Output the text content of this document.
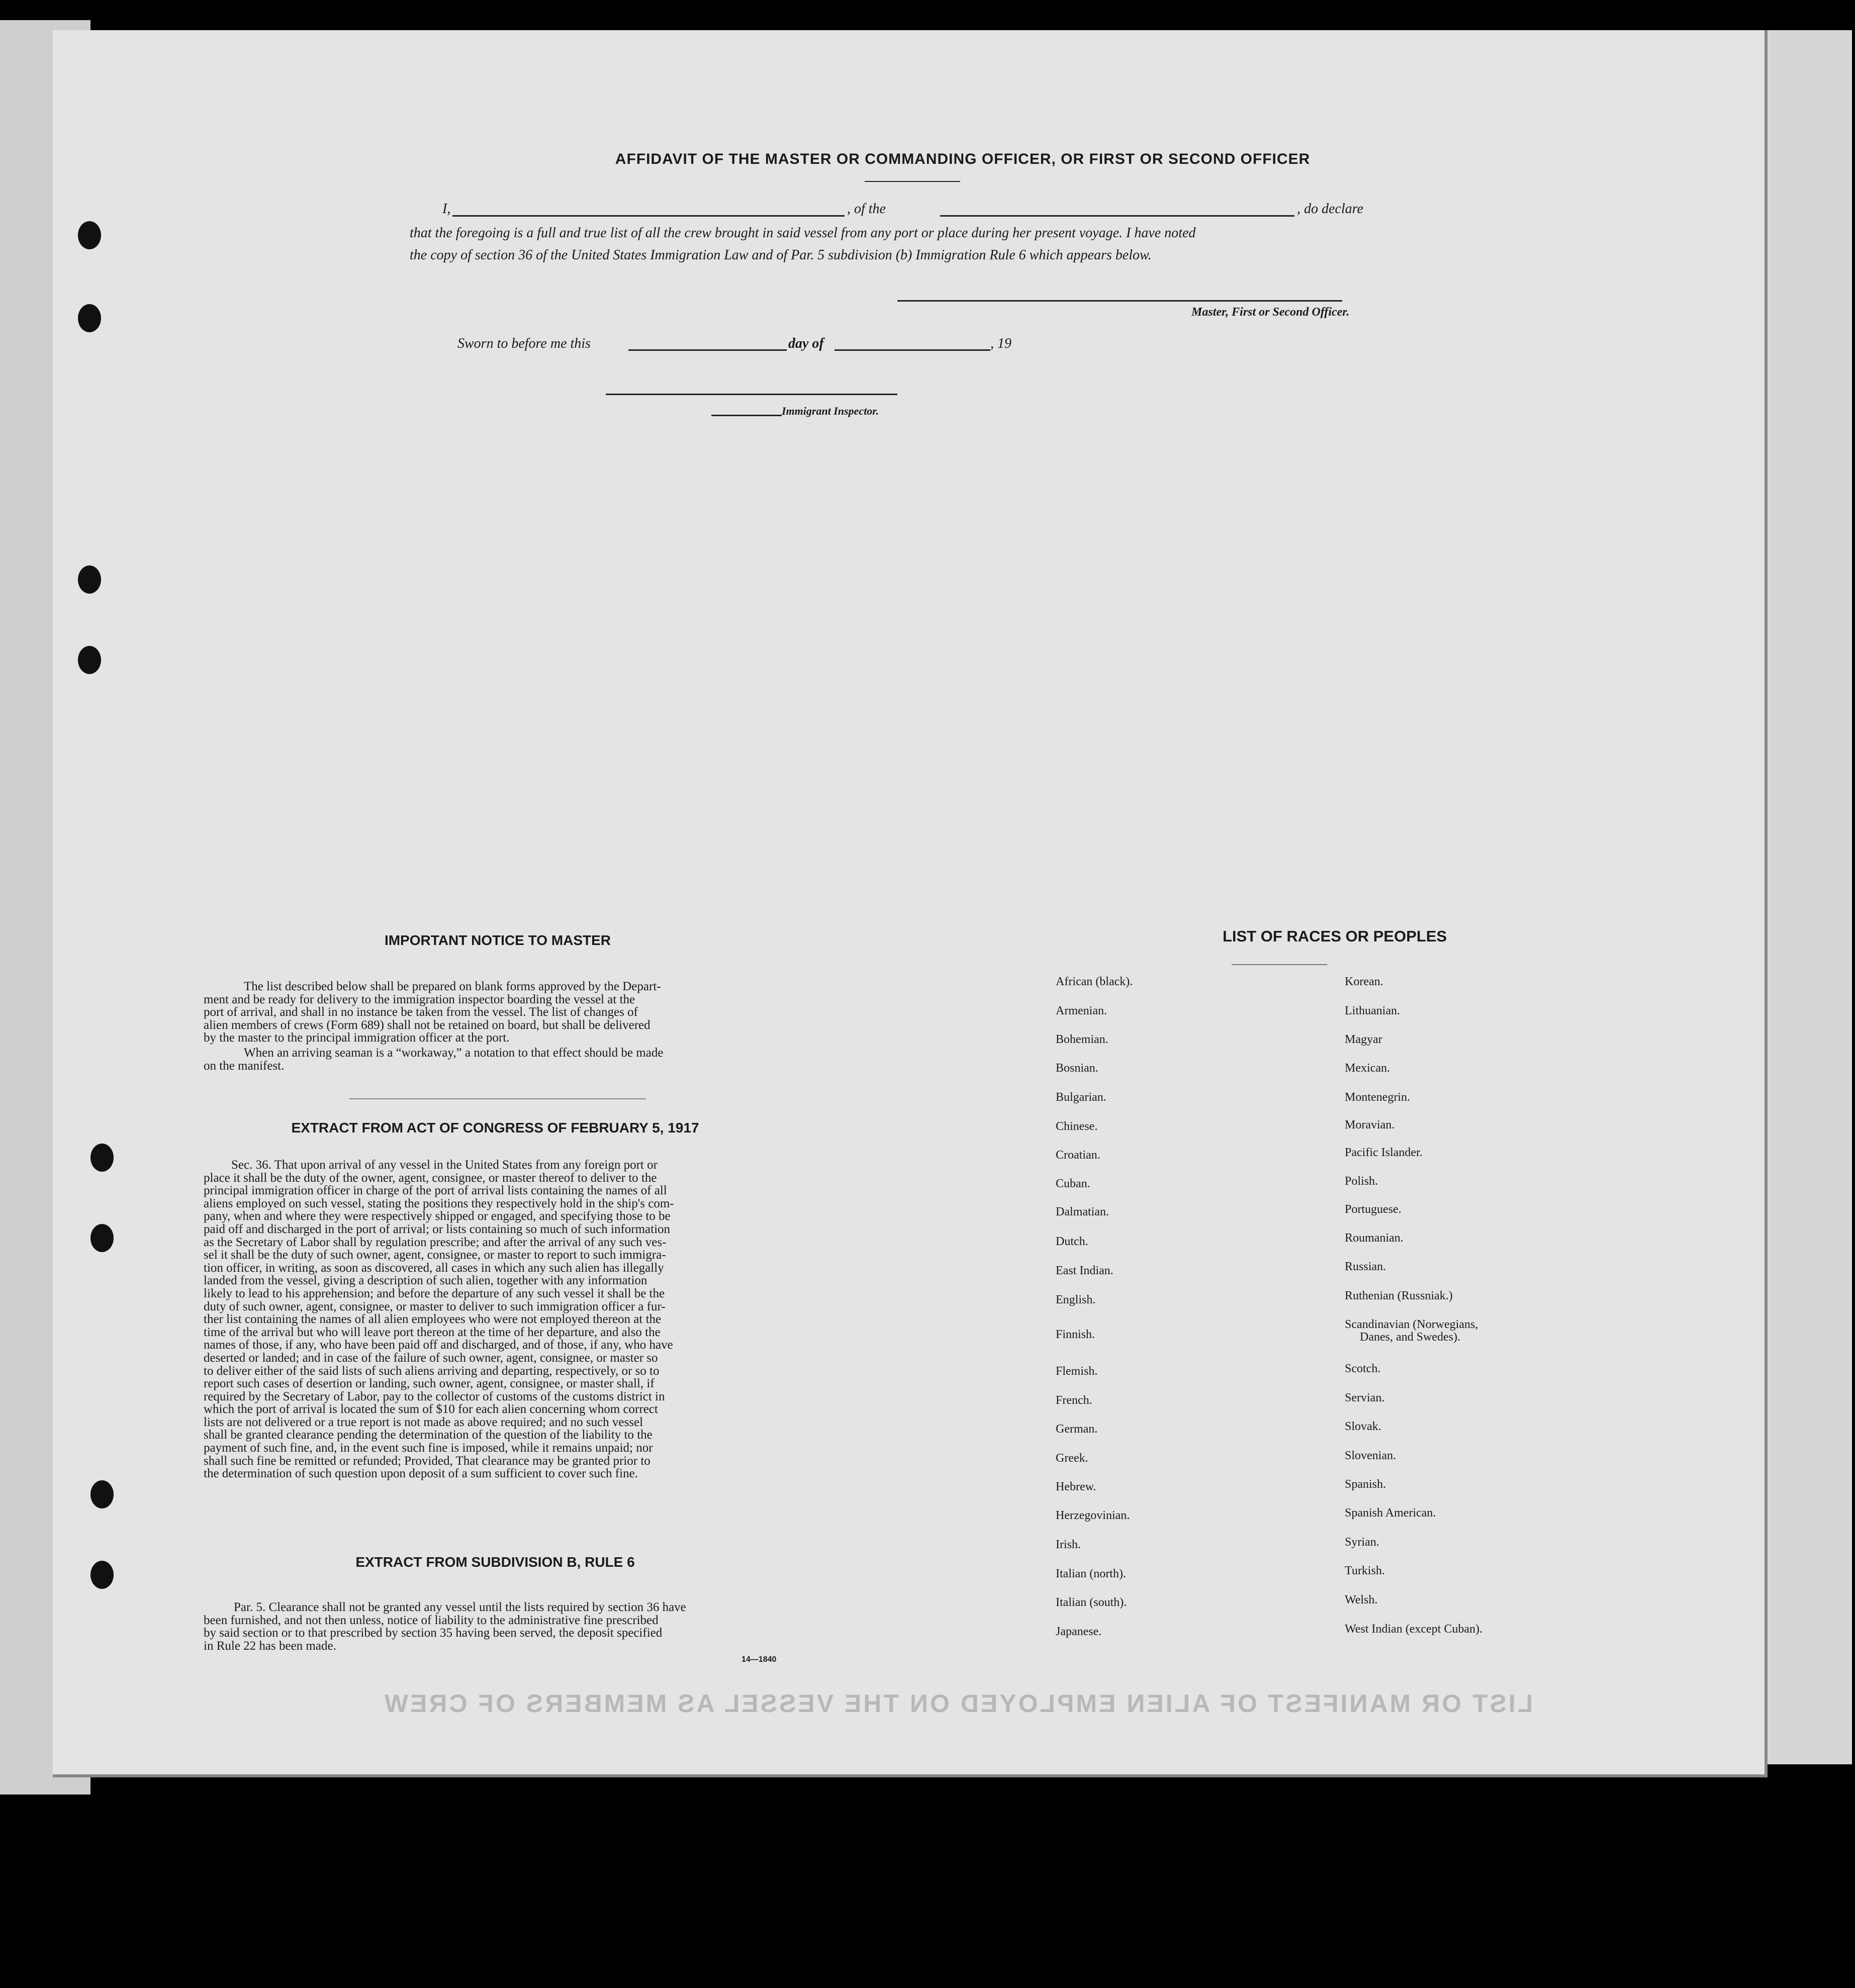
LIST OR MANIFEST OF ALIEN EMPLOYED ON THE VESSEL AS MEMBERS OF CREW
AFFIDAVIT OF THE MASTER OR COMMANDING OFFICER, OR FIRST OR SECOND OFFICER
I,	, of the	, do declare
that the foregoing is a full and true list of all the crew brought in said vessel from any port or place during her present voyage. I have noted
the copy of section 36 of the United States Immigration Law and of Par. 5 subdivision (b) Immigration Rule 6 which appears below.
Master, First or Second Officer.
Sworn to before me this	day of	, 19
Immigrant Inspector.
IMPORTANT NOTICE TO MASTER
The list described below shall be prepared on blank forms approved by the Depart-
ment and be ready for delivery to the immigration inspector boarding the vessel at the
port of arrival, and shall in no instance be taken from the vessel. The list of changes of
alien members of crews (Form 689) shall not be retained on board, but shall be delivered
by the master to the principal immigration officer at the port.
When an arriving seaman is a “workaway,” a notation to that effect should be made
on the manifest.
EXTRACT FROM ACT OF CONGRESS OF FEBRUARY 5, 1917
Sec. 36. That upon arrival of any vessel in the United States from any foreign port or
place it shall be the duty of the owner, agent, consignee, or master thereof to deliver to the
principal immigration officer in charge of the port of arrival lists containing the names of all
aliens employed on such vessel, stating the positions they respectively hold in the ship's com-
pany, when and where they were respectively shipped or engaged, and specifying those to be
paid off and discharged in the port of arrival; or lists containing so much of such information
as the Secretary of Labor shall by regulation prescribe; and after the arrival of any such ves-
sel it shall be the duty of such owner, agent, consignee, or master to report to such immigra-
tion officer, in writing, as soon as discovered, all cases in which any such alien has illegally
landed from the vessel, giving a description of such alien, together with any information
likely to lead to his apprehension; and before the departure of any such vessel it shall be the
duty of such owner, agent, consignee, or master to deliver to such immigration officer a fur-
ther list containing the names of all alien employees who were not employed thereon at the
time of the arrival but who will leave port thereon at the time of her departure, and also the
names of those, if any, who have been paid off and discharged, and of those, if any, who have
deserted or landed; and in case of the failure of such owner, agent, consignee, or master so
to deliver either of the said lists of such aliens arriving and departing, respectively, or so to
report such cases of desertion or landing, such owner, agent, consignee, or master shall, if
required by the Secretary of Labor, pay to the collector of customs of the customs district in
which the port of arrival is located the sum of $10 for each alien concerning whom correct
lists are not delivered or a true report is not made as above required; and no such vessel
shall be granted clearance pending the determination of the question of the liability to the
payment of such fine, and, in the event such fine is imposed, while it remains unpaid; nor
shall such fine be remitted or refunded; Provided, That clearance may be granted prior to
the determination of such question upon deposit of a sum sufficient to cover such fine.
EXTRACT FROM SUBDIVISION B, RULE 6
Par. 5. Clearance shall not be granted any vessel until the lists required by section 36 have
been furnished, and not then unless, notice of liability to the administrative fine prescribed
by said section or to that prescribed by section 35 having been served, the deposit specified
in Rule 22 has been made.
14—1840
LIST OF RACES OR PEOPLES
African (black).
Armenian.
Bohemian.
Bosnian.
Bulgarian.
Chinese.
Croatian.
Cuban.
Dalmatian.
Dutch.
East Indian.
English.
Finnish.
Flemish.
French.
German.
Greek.
Hebrew.
Herzegovinian.
Irish.
Italian (north).
Italian (south).
Japanese.
Korean.
Lithuanian.
Magyar
Mexican.
Montenegrin.
Moravian.
Pacific Islander.
Polish.
Portuguese.
Roumanian.
Russian.
Ruthenian (Russniak.)
Scandinavian (Norwegians,
Danes, and Swedes).
Scotch.
Servian.
Slovak.
Slovenian.
Spanish.
Spanish American.
Syrian.
Turkish.
Welsh.
West Indian (except Cuban).
